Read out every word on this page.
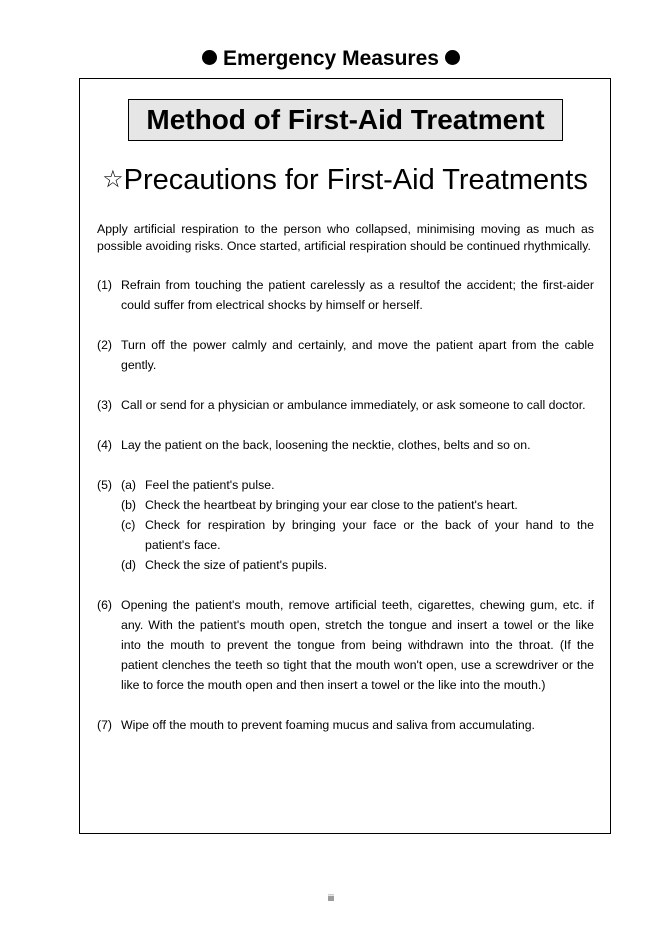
Emergency Measures
Method of First-Aid Treatment
☆Precautions for First-Aid Treatments

Apply artificial respiration to the person who collapsed, minimising moving as much as possible avoiding risks. Once started, artificial respiration should be continued rhythmically.

(1) Refrain from touching the patient carelessly as a resultof the accident; the first-aider could suffer from electrical shocks by himself or herself.
(2) Turn off the power calmly and certainly, and move the patient apart from the cable gently.
(3) Call or send for a physician or ambulance immediately, or ask someone to call doctor.
(4) Lay the patient on the back, loosening the necktie, clothes, belts and so on.
(5) (a) Feel the patient's pulse.
(b) Check the heartbeat by bringing your ear close to the patient's heart.
(c) Check for respiration by bringing your face or the back of your hand to the patient's face.
(d) Check the size of patient's pupils.
(6) Opening the patient's mouth, remove artificial teeth, cigarettes, chewing gum, etc. if any. With the patient's mouth open, stretch the tongue and insert a towel or the like into the mouth to prevent the tongue from being withdrawn into the throat. (If the patient clenches the teeth so tight that the mouth won't open, use a screwdriver or the like to force the mouth open and then insert a towel or the like into the mouth.)
(7) Wipe off the mouth to prevent foaming mucus and saliva from accumulating.
iii
